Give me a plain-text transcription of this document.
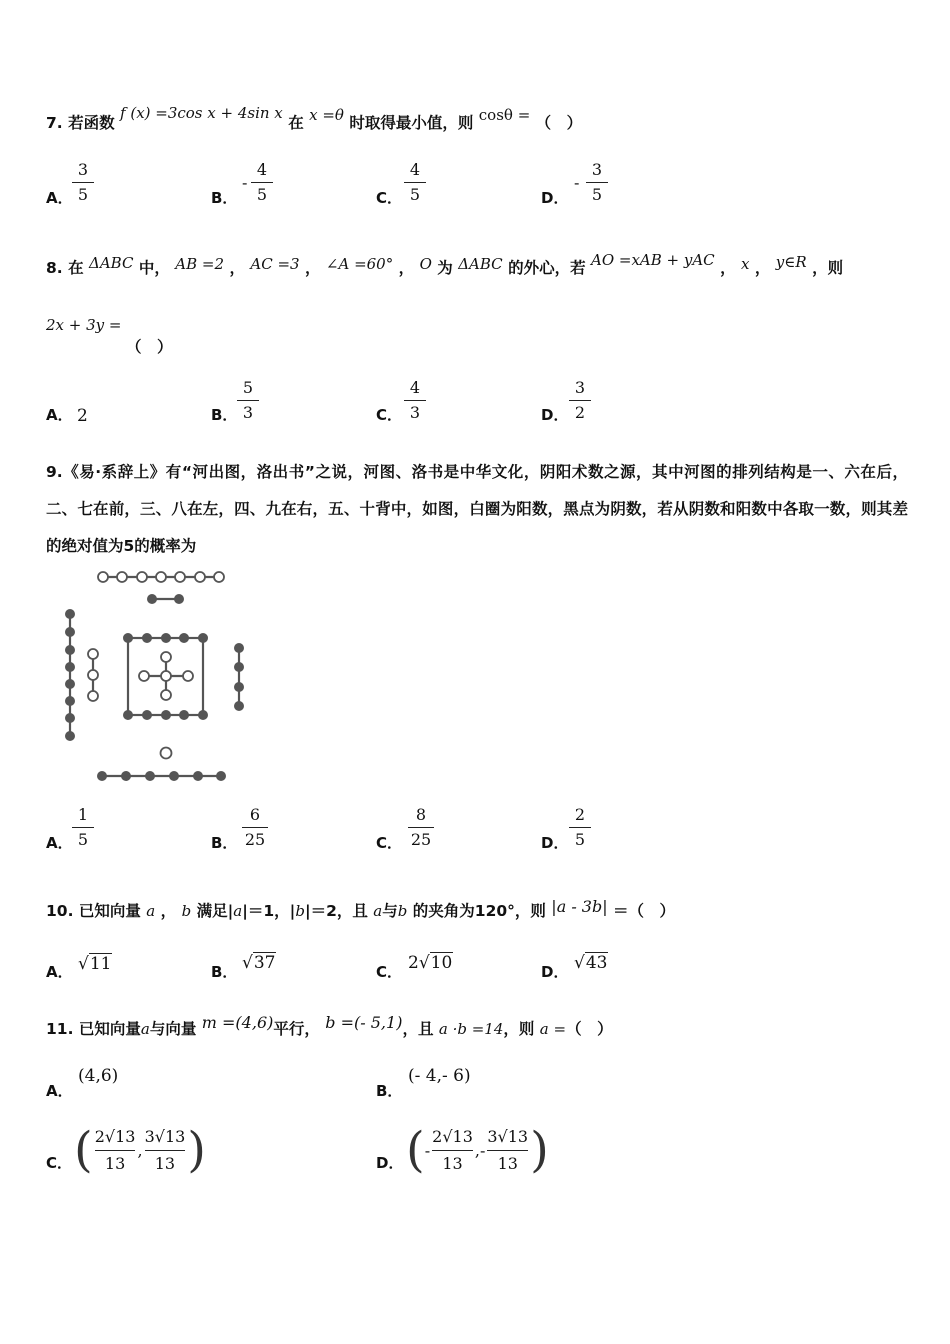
7. 若函数 f (x) =3cos x + 4sin x 在 x =θ 时取得最小值，则 cosθ = （　）
A．
3
5	B．
-
4
5	C．
4
5	D．
-
3
5
8. 在 ΔABC 中， AB =2 ， AC =3 ， ∠A =60° ， O 为 ΔABC 的外心，若 AO =xAB + yAC ， x ， y∈R ，则
2x + 3y =
（　）
A． 2	B．
5
3	C．
4
3	D．
3
2
9.《易·系辞上》有“河出图，洛出书”之说，河图、洛书是中华文化，阴阳术数之源，其中河图的排列结构是一、六在后，二、七在前，三、八在左，四、九在右，五、十背中，如图，白圈为阳数，黑点为阴数，若从阴数和阳数中各取一数，则其差的绝对值为5的概率为
A．
1
5	B．
6
25	C．
8
25	D．
2
5
10. 已知向量 a ， b 满足|a|＝1，|b|＝2，且 a与b 的夹角为120°，则 |a - 3b| ＝（　）
A． √11	B． √37	C． 2√10	D． √43
11. 已知向量a与向量 m =(4,6)平行， b =(- 5,1)，且 a ·b =14，则 a =（　）
A．
(4,6)
B．
(- 4,- 6)
C． ( 2√13
13
,
3√13
13 )	D． ( -
2√13
13
,-
3√13
13 )
